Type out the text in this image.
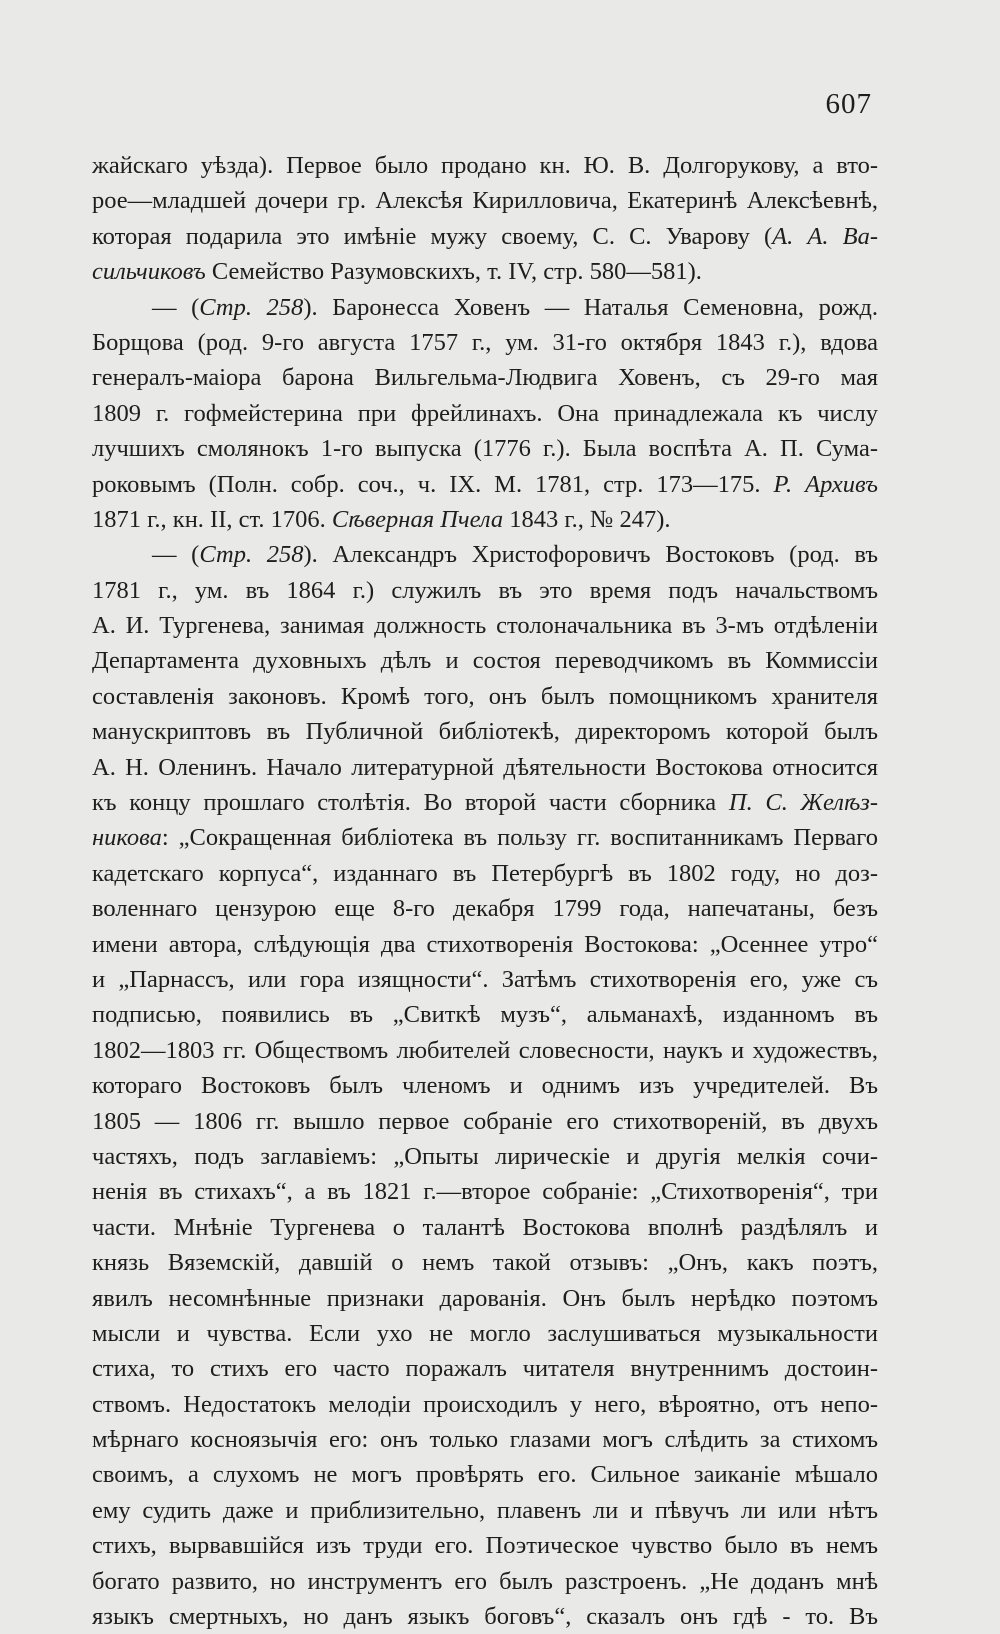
607
жайскаго уѣзда). Первое было продано кн. Ю. В. Долгорукову, а вто-
рое—младшей дочери гр. Алексѣя Кирилловича, Екатеринѣ Алексѣевнѣ,
которая подарила это имѣніе мужу своему, С. С. Уварову (А. А. Ва-
сильчиковъ Семейство Разумовскихъ, т. IV, стр. 580—581).
— (Стр. 258). Баронесса Ховенъ — Наталья Семеновна, рожд.
Борщова (род. 9-го августа 1757 г., ум. 31-го октября 1843 г.), вдова
генералъ-маіора барона Вильгельма-Людвига Ховенъ, съ 29-го мая
1809 г. гофмейстерина при фрейлинахъ. Она принадлежала къ числу
лучшихъ смолянокъ 1-го выпуска (1776 г.). Была воспѣта А. П. Сума-
роковымъ (Полн. собр. соч., ч. IX. М. 1781, стр. 173—175. Р. Архивъ
1871 г., кн. II, ст. 1706. Сѣверная Пчела 1843 г., № 247).
— (Стр. 258). Александръ Христофоровичъ Востоковъ (род. въ
1781 г., ум. въ 1864 г.) служилъ въ это время подъ начальствомъ
А. И. Тургенева, занимая должность столоначальника въ 3-мъ отдѣленіи
Департамента духовныхъ дѣлъ и состоя переводчикомъ въ Коммиссіи
составленія законовъ. Кромѣ того, онъ былъ помощникомъ хранителя
манускриптовъ въ Публичной библіотекѣ, директоромъ которой былъ
А. Н. Оленинъ. Начало литературной дѣятельности Востокова относится
къ концу прошлаго столѣтія. Во второй части сборника П. С. Желѣз-
никова: „Сокращенная библіотека въ пользу гг. воспитанникамъ Перваго
кадетскаго корпуса“, изданнаго въ Петербургѣ въ 1802 году, но доз-
воленнаго цензурою еще 8-го декабря 1799 года, напечатаны, безъ
имени автора, слѣдующія два стихотворенія Востокова: „Осеннее утро“
и „Парнассъ, или гора изящности“. Затѣмъ стихотворенія его, уже съ
подписью, появились въ „Свиткѣ музъ“, альманахѣ, изданномъ въ
1802—1803 гг. Обществомъ любителей словесности, наукъ и художествъ,
котораго Востоковъ былъ членомъ и однимъ изъ учредителей. Въ
1805 — 1806 гг. вышло первое собраніе его стихотвореній, въ двухъ
частяхъ, подъ заглавіемъ: „Опыты лирическіе и другія мелкія сочи-
ненія въ стихахъ“, а въ 1821 г.—второе собраніе: „Стихотворенія“, три
части. Мнѣніе Тургенева о талантѣ Востокова вполнѣ раздѣлялъ и
князь Вяземскій, давшій о немъ такой отзывъ: „Онъ, какъ поэтъ,
явилъ несомнѣнные признаки дарованія. Онъ былъ нерѣдко поэтомъ
мысли и чувства. Если ухо не могло заслушиваться музыкальности
стиха, то стихъ его часто поражалъ читателя внутреннимъ достоин-
ствомъ. Недостатокъ мелодіи происходилъ у него, вѣроятно, отъ непо-
мѣрнаго косноязычія его: онъ только глазами могъ слѣдить за стихомъ
своимъ, а слухомъ не могъ провѣрять его. Сильное заиканіе мѣшало
ему судить даже и приблизительно, плавенъ ли и пѣвучъ ли или нѣтъ
стихъ, вырвавшійся изъ труди его. Поэтическое чувство было въ немъ
богато развито, но инструментъ его былъ разстроенъ. „Не доданъ мнѣ
языкъ смертныхъ, но данъ языкъ боговъ“, сказалъ онъ гдѣ - то. Въ
